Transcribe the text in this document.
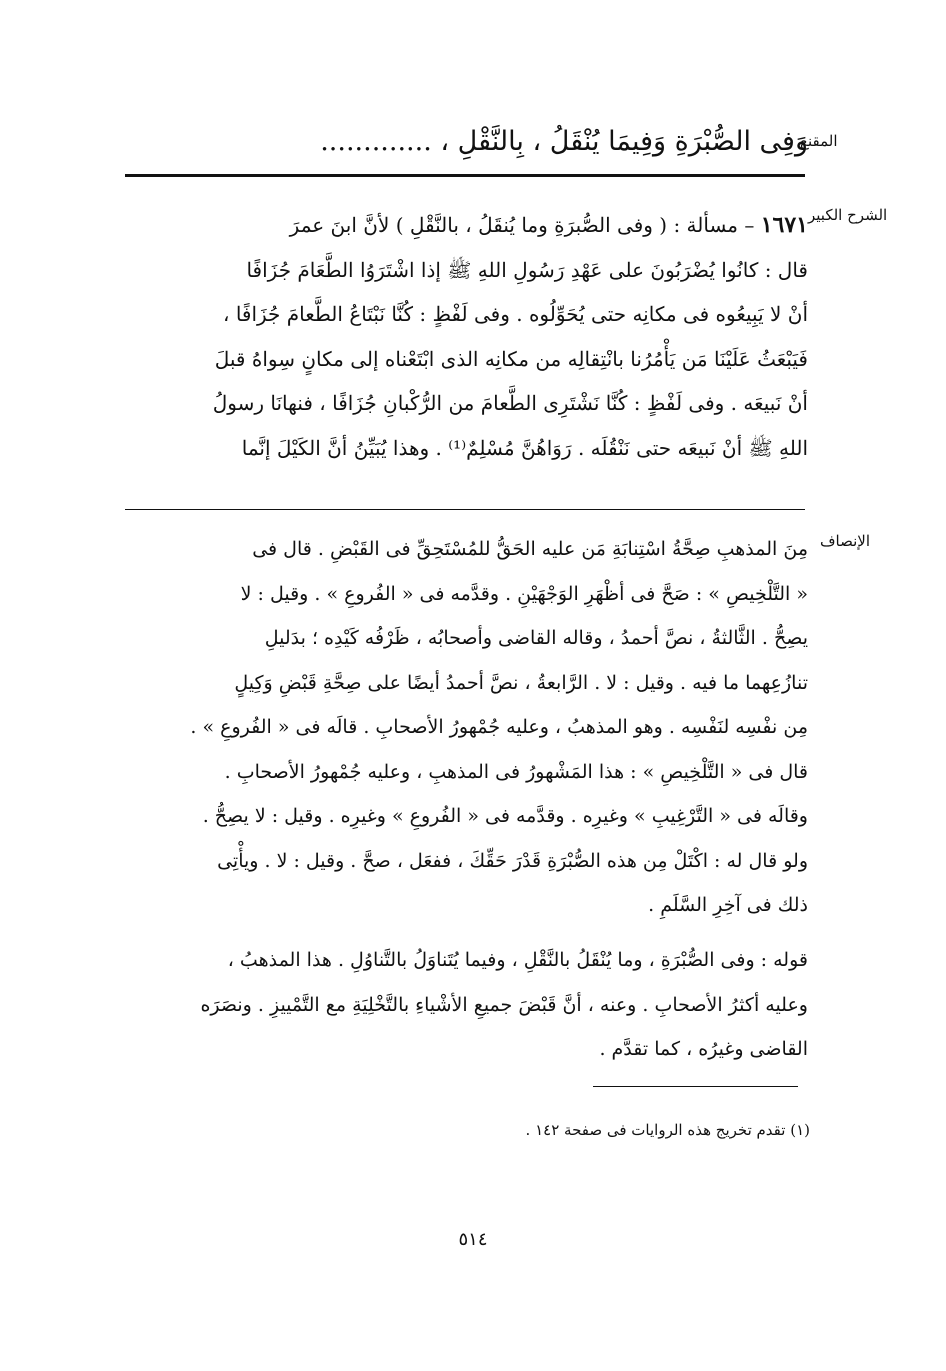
المقنع
الشرح الكبير
الإنصاف
وَفِى الصُّبْرَةِ وَفِيمَا يُنْقَلُ ، بِالنَّقْلِ ، .............
١٦٧١ – مسألة : ( وفى الصُّبرَةِ وما يُنقَلُ ، بالنَّقْلِ ) لأنَّ ابنَ عمرَ
قال : كانُوا يُضْرَبُونَ على عَهْدِ رَسُولِ اللهِ ﷺ إذا اشْتَرَوُا الطَّعَامَ جُزَافًا
أنْ لا يَبِيعُوه فى مكانِه حتى يُحَوِّلُوه . وفى لَفْظٍ : كُنَّا نَبْتَاعُ الطَّعامَ جُزَافًا ،
فَيَبْعَثُ عَلَيْنَا مَن يَأْمُرُنا بانْتِقالِه من مكانِه الذى ابْتَعْناه إلى مكانٍ سِواهُ قبلَ
أنْ نَبيعَه . وفى لَفْظٍ : كُنَّا نَشْتَرِى الطَّعامَ من الرُّكْبانِ جُزَافًا ، فنهانَا رسولُ
اللهِ ﷺ أنْ نَبيعَه حتى نَنْقُلَه . رَوَاهُنَّ مُسْلِمٌ⁽¹⁾ . وهذا يُبَيِّنُ أنَّ الكَيْلَ إنَّما
مِنَ المذهبِ صِحَّةُ اسْتِنابَةِ مَن عليه الحَقُّ للمُسْتَحِقِّ فى القَبْضِ . قال فى
« التَّلْخِيصِ » : صَحَّ فى أظْهَرِ الوَجْهَيْنِ . وقدَّمه فى « الفُروعِ » . وقيل : لا
يصِحُّ . الثَّالثةُ ، نصَّ أحمدُ ، وقاله القاضى وأصحابُه ، ظَرْفُه كَيْدِه ؛ بدَليلِ
تنازُعِهما ما فيه . وقيل : لا . الرَّابعةُ ، نصَّ أحمدُ أيضًا على صِحَّةِ قَبْضِ وَكِيلٍ
مِن نفْسِه لنَفْسِه . وهو المذهبُ ، وعليه جُمْهورُ الأصحابِ . قالَه فى « الفُروعِ » .
قال فى « التَّلْخِيصِ » : هذا المَشْهورُ فى المذهبِ ، وعليه جُمْهورُ الأصحابِ .
وقالَه فى « التَّرْغِيبِ » وغيرِه . وقدَّمه فى « الفُروعِ » وغيرِه . وقيل : لا يصِحُّ .
ولو قال له : اكْتَلْ مِن هذه الصُّبْرَةِ قَدْرَ حَقِّكَ ، ففعَل ، صحَّ . وقيل : لا . ويأْتِى
ذلك فى آخِرِ السَّلَمِ .
قوله : وفى الصُّبْرَةِ ، وما يُنْقَلُ بالنَّقْلِ ، وفيما يُتَناوَلُ بالتَّناوُلِ . هذا المذهبُ ،
وعليه أكثرُ الأصحابِ . وعنه ، أنَّ قَبْضَ جميعِ الأشْياءِ بالتَّخْلِيَةِ مع التَّمْييزِ . ونصَرَه
القاضى وغيرُه ، كما تقدَّم .
(١) تقدم تخريج هذه الروايات فى صفحة ١٤٢ .
٥١٤
